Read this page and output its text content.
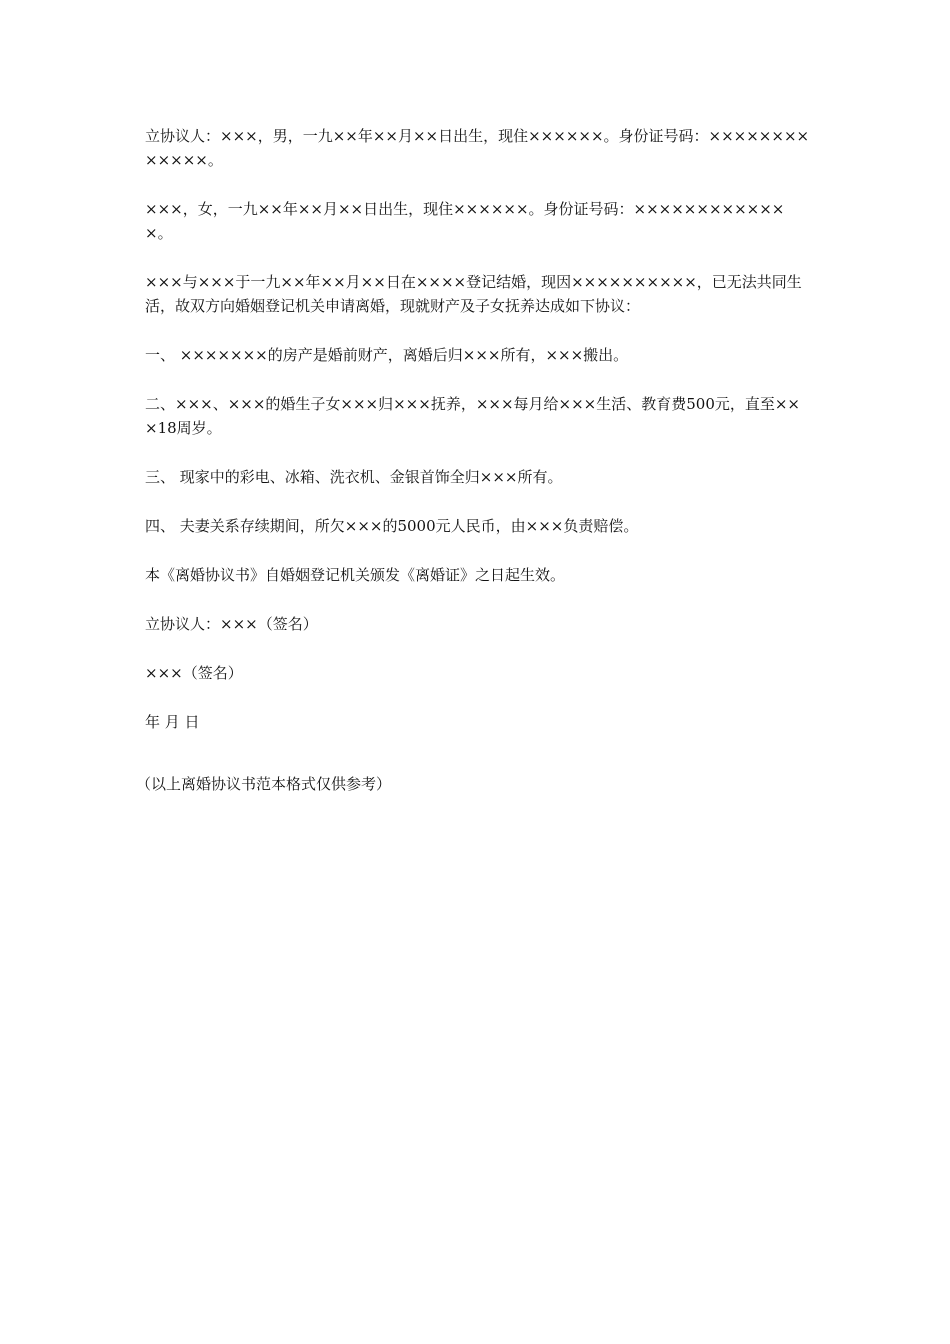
立协议人：×××，男，一九××年××月××日出生，现住××××××。身份证号码：×××××××××××××。

×××，女，一九××年××月××日出生，现住××××××。身份证号码：×××××××××××××。

×××与×××于一九××年××月××日在××××登记结婚，现因××××××××××，已无法共同生活，故双方向婚姻登记机关申请离婚，现就财产及子女抚养达成如下协议：

一、 ×××××××的房产是婚前财产，离婚后归×××所有，×××搬出。

二、×××、×××的婚生子女×××归×××抚养，×××每月给×××生活、教育费500元，直至×××18周岁。

三、 现家中的彩电、冰箱、洗衣机、金银首饰全归×××所有。

四、 夫妻关系存续期间，所欠×××的5000元人民币，由×××负责赔偿。

本《离婚协议书》自婚姻登记机关颁发《离婚证》之日起生效。

立协议人：×××（签名）

×××（签名）

年 月 日

（以上离婚协议书范本格式仅供参考）
